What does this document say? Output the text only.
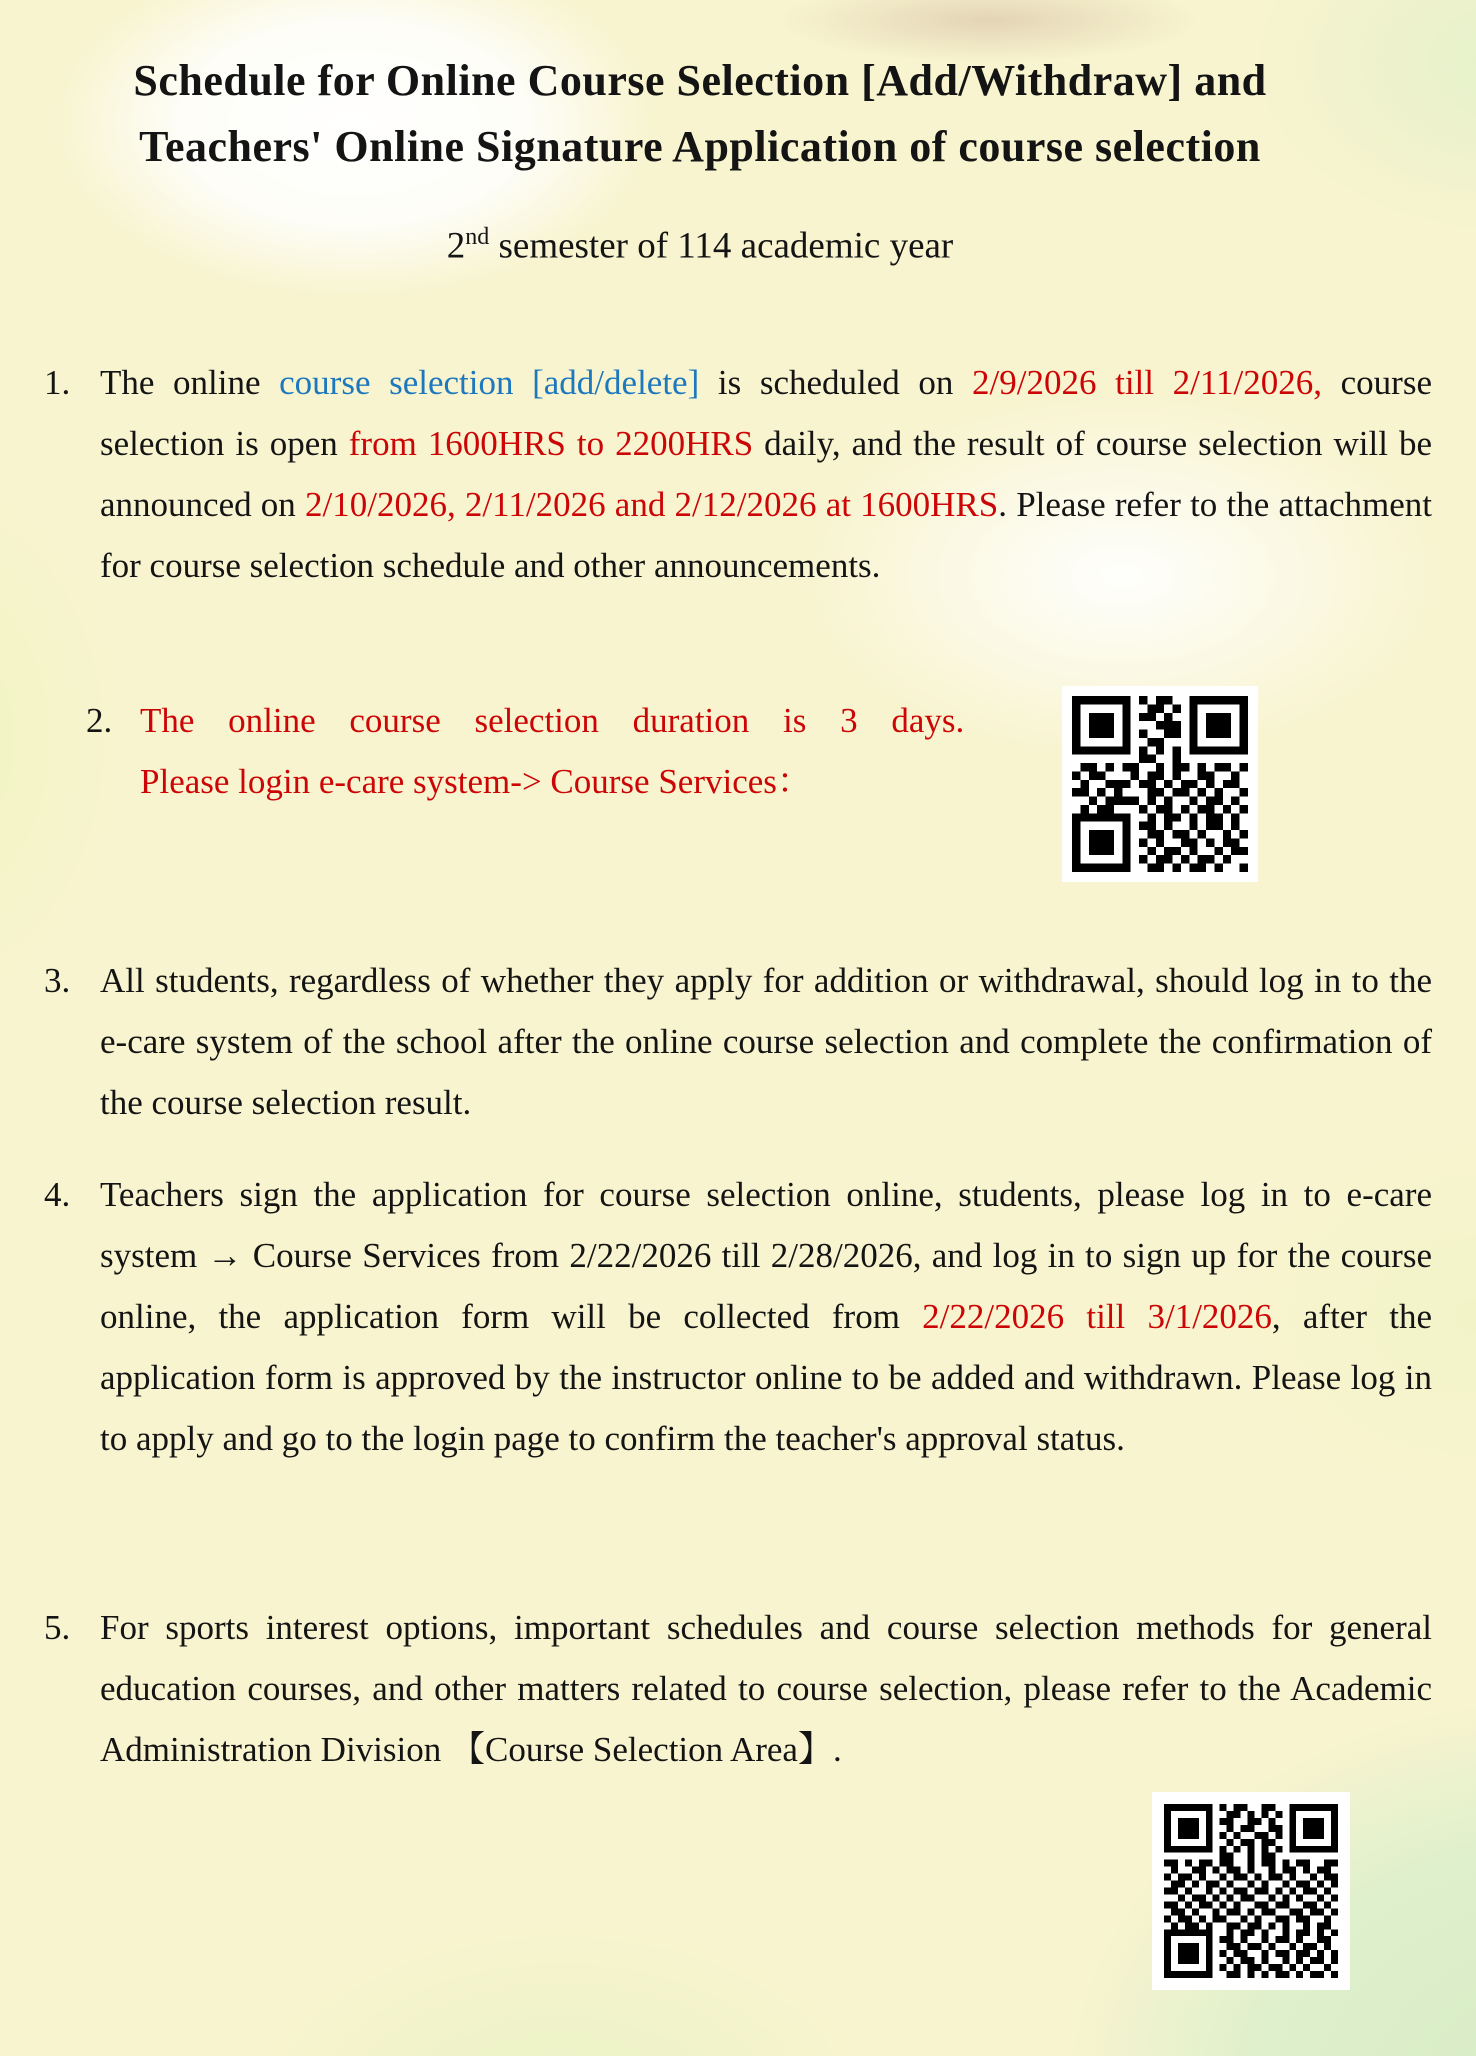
Schedule for Online Course Selection [Add/Withdraw] and
Teachers' Online Signature Application of course selection
2nd semester of 114 academic year
1. The online course selection [add/delete] is scheduled on 2/9/2026 till 2/11/2026, course selection is open from 1600HRS to 2200HRS daily, and the result of course selection will be announced on 2/10/2026, 2/11/2026 and 2/12/2026 at 1600HRS. Please refer to the attachment for course selection schedule and other announcements.
2. The online course selection duration is 3 days.
Please login e-care system-> Course Services：
3. All students, regardless of whether they apply for addition or withdrawal, should log in to the e-care system of the school after the online course selection and complete the confirmation of the course selection result.
4. Teachers sign the application for course selection online, students, please log in to e-care system → Course Services from 2/22/2026 till 2/28/2026, and log in to sign up for the course online, the application form will be collected from 2/22/2026 till 3/1/2026, after the application form is approved by the instructor online to be added and withdrawn. Please log in to apply and go to the login page to confirm the teacher's approval status.
5. For sports interest options, important schedules and course selection methods for general education courses, and other matters related to course selection, please refer to the Academic Administration Division 【Course Selection Area】.
